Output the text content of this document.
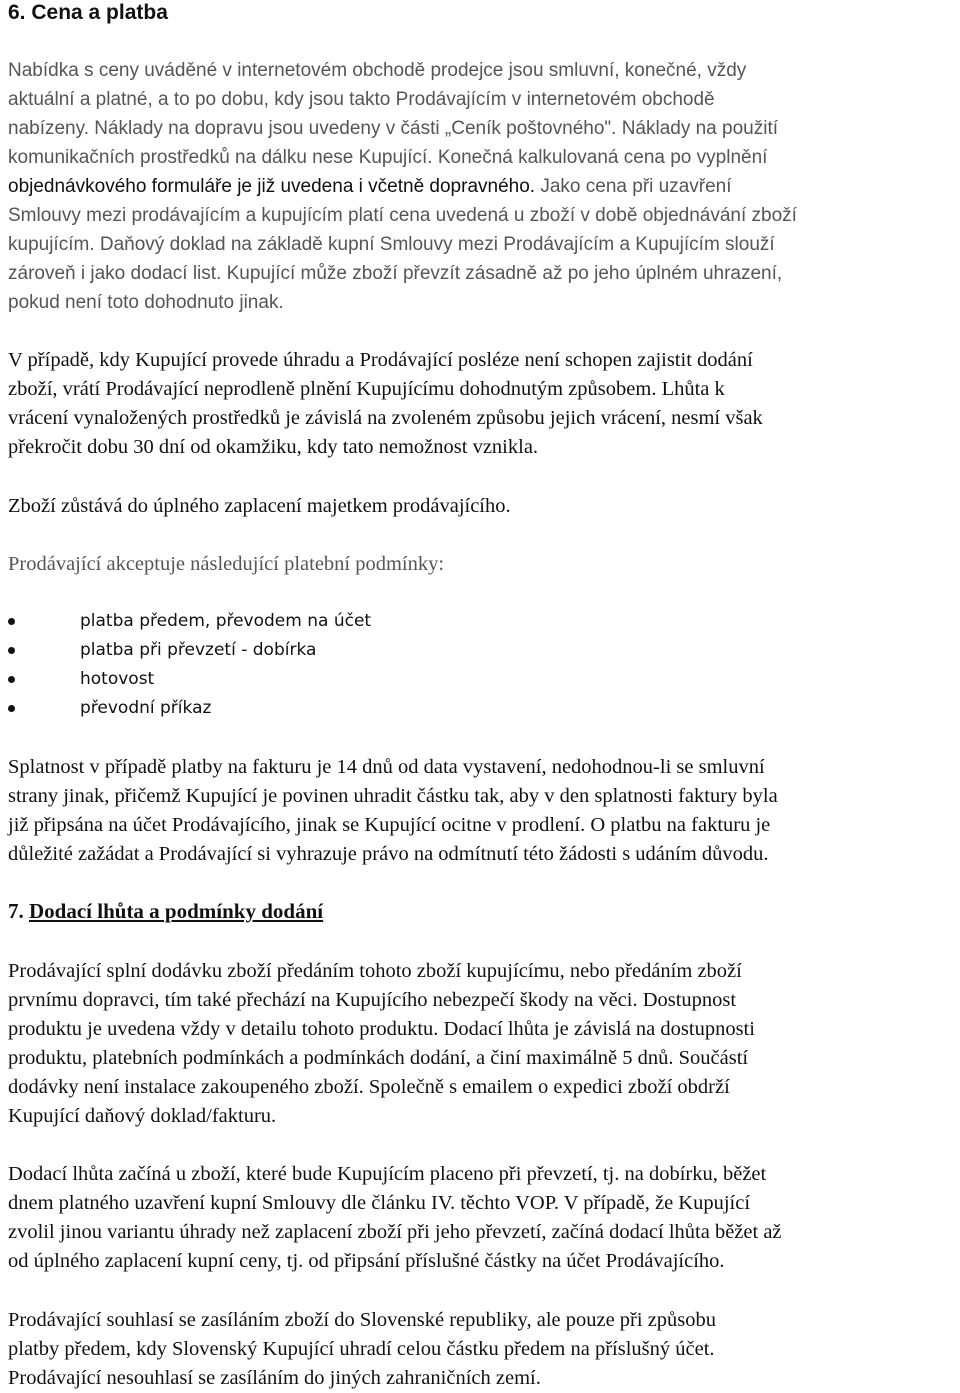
6. Cena a platba
Nabídka s ceny uváděné v internetovém obchodě prodejce jsou smluvní, konečné, vždy
aktuální a platné, a to po dobu, kdy jsou takto Prodávajícím v internetovém obchodě
nabízeny. Náklady na dopravu jsou uvedeny v části „Ceník poštovného". Náklady na použití
komunikačních prostředků na dálku nese Kupující. Konečná kalkulovaná cena po vyplnění
objednávkového formuláře je již uvedena i včetně dopravného. Jako cena při uzavření
Smlouvy mezi prodávajícím a kupujícím platí cena uvedená u zboží v době objednávání zboží
kupujícím. Daňový doklad na základě kupní Smlouvy mezi Prodávajícím a Kupujícím slouží
zároveň i jako dodací list. Kupující může zboží převzít zásadně až po jeho úplném uhrazení,
pokud není toto dohodnuto jinak.
V případě, kdy Kupující provede úhradu a Prodávající posléze není schopen zajistit dodání
zboží, vrátí Prodávající neprodleně plnění Kupujícímu dohodnutým způsobem. Lhůta k
vrácení vynaložených prostředků je závislá na zvoleném způsobu jejich vrácení, nesmí však
překročit dobu 30 dní od okamžiku, kdy tato nemožnost vznikla.
Zboží zůstává do úplného zaplacení majetkem prodávajícího.
Prodávající akceptuje následující platební podmínky:
platba předem, převodem na účet
platba při převzetí - dobírka
hotovost
převodní příkaz
Splatnost v případě platby na fakturu je 14 dnů od data vystavení, nedohodnou-li se smluvní
strany jinak, přičemž Kupující je povinen uhradit částku tak, aby v den splatnosti faktury byla
již připsána na účet Prodávajícího, jinak se Kupující ocitne v prodlení. O platbu na fakturu je
důležité zažádat a Prodávající si vyhrazuje právo na odmítnutí této žádosti s udáním důvodu.
7. Dodací lhůta a podmínky dodání
Prodávající splní dodávku zboží předáním tohoto zboží kupujícímu, nebo předáním zboží
prvnímu dopravci, tím také přechází na Kupujícího nebezpečí škody na věci. Dostupnost
produktu je uvedena vždy v detailu tohoto produktu. Dodací lhůta je závislá na dostupnosti
produktu, platebních podmínkách a podmínkách dodání, a činí maximálně 5 dnů. Součástí
dodávky není instalace zakoupeného zboží. Společně s emailem o expedici zboží obdrží
Kupující daňový doklad/fakturu.
Dodací lhůta začíná u zboží, které bude Kupujícím placeno při převzetí, tj. na dobírku, běžet
dnem platného uzavření kupní Smlouvy dle článku IV. těchto VOP. V případě, že Kupující
zvolil jinou variantu úhrady než zaplacení zboží při jeho převzetí, začíná dodací lhůta běžet až
od úplného zaplacení kupní ceny, tj. od připsání příslušné částky na účet Prodávajícího.
Prodávající souhlasí se zasíláním zboží do Slovenské republiky, ale pouze při způsobu
platby předem, kdy Slovenský Kupující uhradí celou částku předem na příslušný účet.
Prodávající nesouhlasí se zasíláním do jiných zahraničních zemí.
